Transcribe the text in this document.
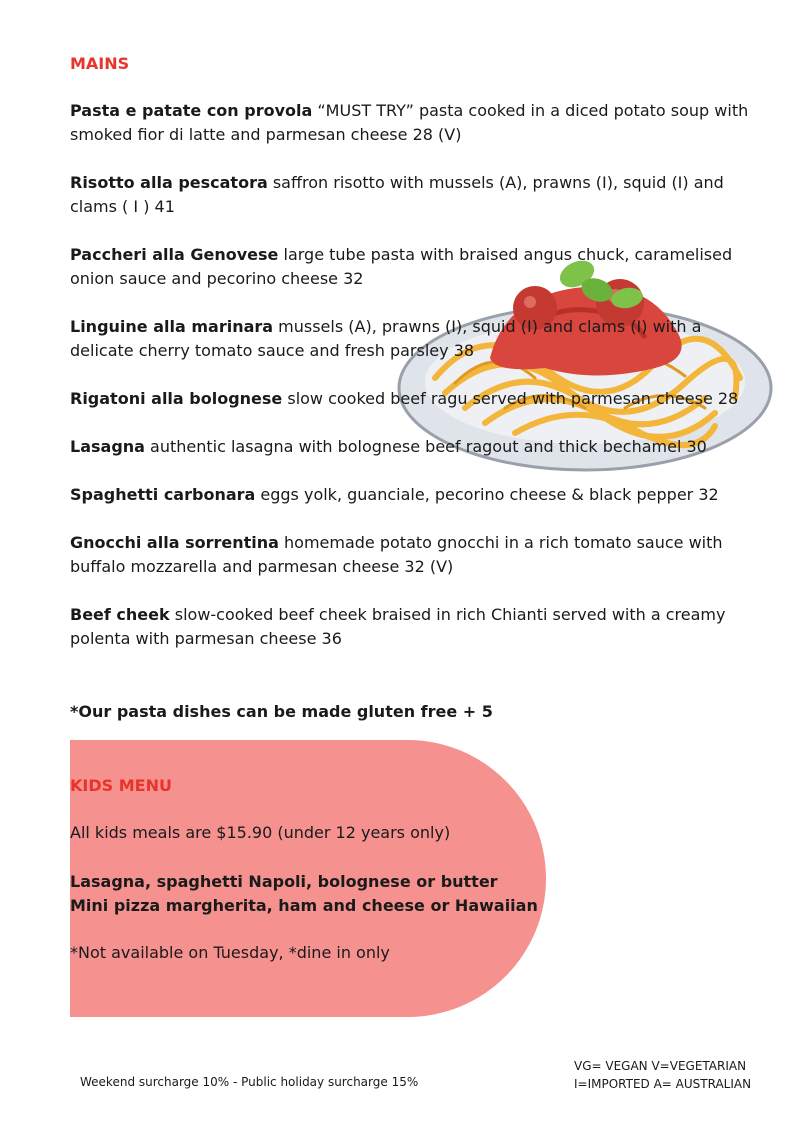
MAINS
Pasta e patate con provola “MUST TRY” pasta cooked in a diced potato soup with smoked fior di latte and parmesan cheese 28 (V)
Risotto alla pescatora saffron risotto with mussels (A), prawns (I), squid (I) and clams ( I ) 41
Paccheri alla Genovese large tube pasta with braised angus chuck, caramelised onion sauce and pecorino cheese 32
Linguine alla marinara mussels (A), prawns (I), squid (I) and clams (I) with a delicate cherry tomato sauce and fresh parsley 38
Rigatoni alla bolognese slow cooked beef ragu served with parmesan cheese 28
Lasagna authentic lasagna with bolognese beef ragout and thick bechamel 30
Spaghetti carbonara eggs yolk, guanciale, pecorino cheese & black pepper 32
Gnocchi alla sorrentina homemade potato gnocchi in a rich tomato sauce with buffalo mozzarella and parmesan cheese 32 (V)
Beef cheek slow-cooked beef cheek braised in rich Chianti served with a creamy polenta with parmesan cheese 36
*Our pasta dishes can be made gluten free + 5
KIDS MENU
All kids meals are $15.90 (under 12 years only)
Lasagna, spaghetti Napoli, bolognese or butter
Mini pizza margherita, ham and cheese or Hawaiian
*Not available on Tuesday, *dine in only
Weekend surcharge 10% - Public holiday surcharge 15%
VG= VEGAN V=VEGETARIAN
I=IMPORTED A= AUSTRALIAN
